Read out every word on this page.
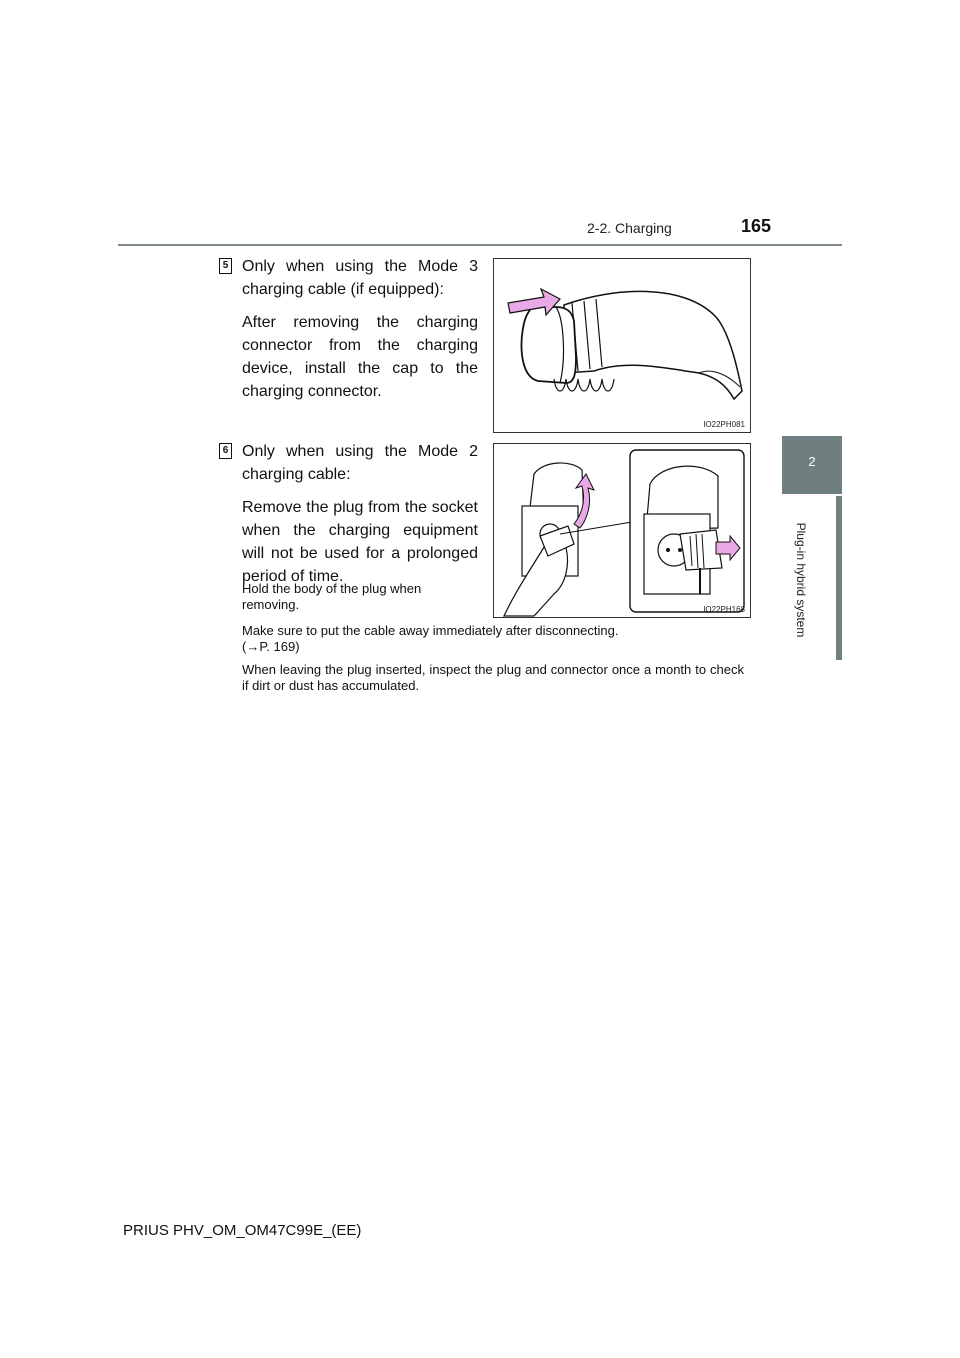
2-2. Charging	165
2
Plug-in hybrid system
5 Only when using the Mode 3 charging cable (if equipped):

After removing the charging connector from the charging device, install the cap to the charging connector.

IO22PH081
6 Only when using the Mode 2 charging cable:

Remove the plug from the socket when the charging equipment will not be used for a prolonged period of time.

Hold the body of the plug when removing.	IO22PH168
Make sure to put the cable away immediately after disconnecting.
(→P. 169)
When leaving the plug inserted, inspect the plug and connector once a month to check if dirt or dust has accumulated.
PRIUS PHV_OM_OM47C99E_(EE)
